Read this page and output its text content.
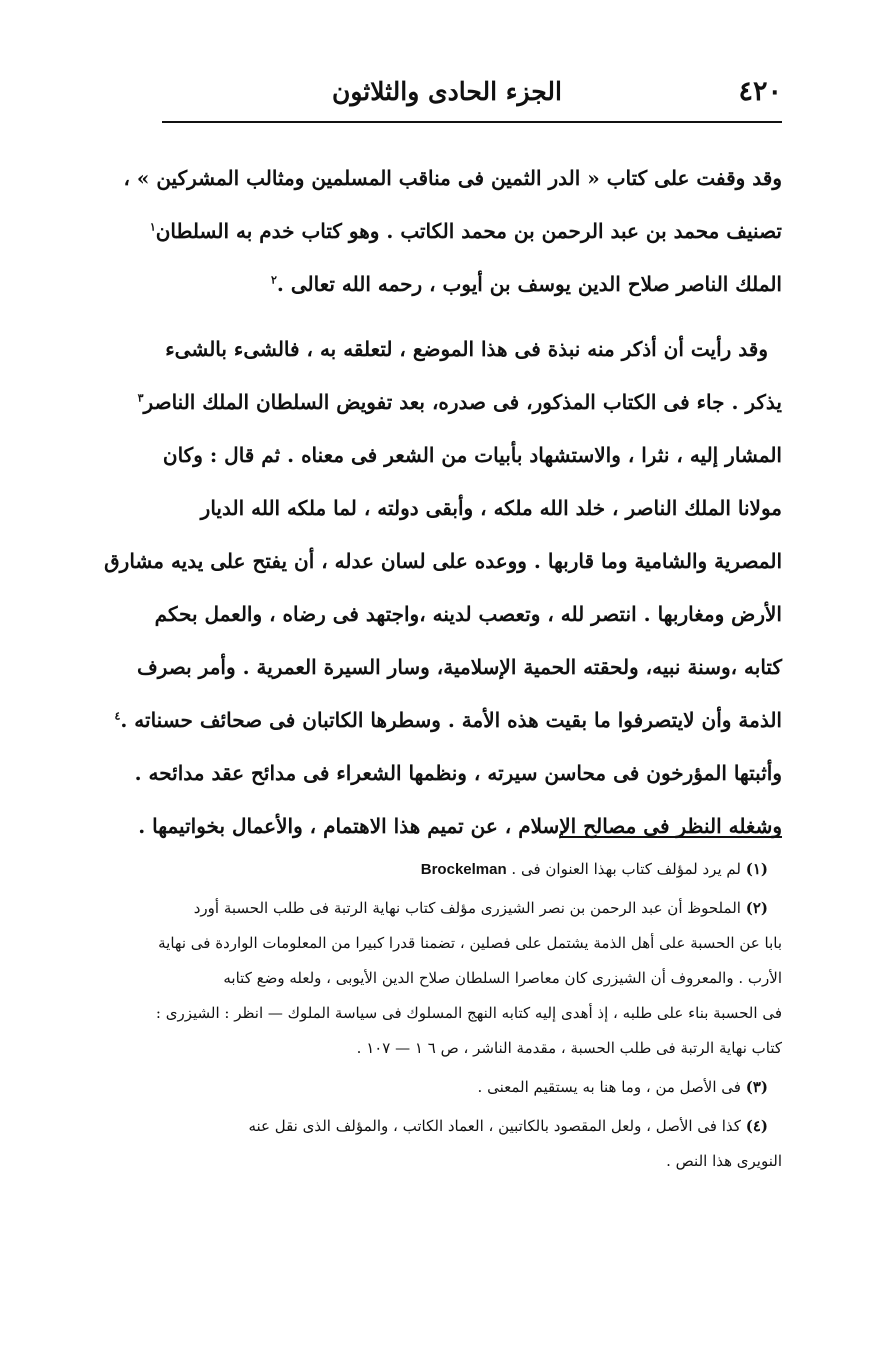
٤٢٠
الجزء الحادى والثلاثون
وقد وقفت على كتاب « الدر الثمين فى مناقب المسلمين ومثالب المشركين » ،
تصنيف محمد بن عبد الرحمن بن محمد الكاتب . وهو كتاب خدم به السلطان$^١$
الملك الناصر صلاح الدين يوسف بن أيوب ، رحمه الله تعالى .$^٢$
وقد رأيت أن أذكر منه نبذة فى هذا الموضع ، لتعلقه به ، فالشىء بالشىء
يذكر . جاء فى الكتاب المذكور، فى صدره، بعد تفويض السلطان الملك الناصر$^٣$
المشار إليه ، نثرا ، والاستشهاد بأبيات من الشعر فى معناه . ثم قال : وكان
مولانا الملك الناصر ، خلد الله ملكه ، وأبقى دولته ، لما ملكه الله الديار
المصرية والشامية وما قاربها . ووعده على لسان عدله ، أن يفتح على يديه مشارق
الأرض ومغاربها . انتصر لله ، وتعصب لدينه ،واجتهد فى رضاه ، والعمل بحكم
كتابه ،وسنة نبيه، ولحقته الحمية الإسلامية، وسار السيرة العمرية . وأمر بصرف
الذمة وأن لايتصرفوا ما بقيت هذه الأمة . وسطرها الكاتبان فى صحائف حسناته .$^٤$
وأثبتها المؤرخون فى محاسن سيرته ، ونظمها الشعراء فى مدائح عقد مدائحه .
وشغله النظر فى مصالح الإسلام ، عن تميم هذا الاهتمام ، والأعمال بخواتيمها .
(١) لم يرد لمؤلف كتاب بهذا العنوان فى . Brockelman
(٢) الملحوظ أن عبد الرحمن بن نصر الشيزرى مؤلف كتاب نهاية الرتبة فى طلب الحسبة أورد
بابا عن الحسبة على أهل الذمة يشتمل على فصلين ، تضمنا قدرا كبيرا من المعلومات الواردة فى نهاية
الأرب . والمعروف أن الشيزرى كان معاصرا السلطان صلاح الدين الأيوبى ، ولعله وضع كتابه
فى الحسبة بناء على طلبه ، إذ أهدى إليه كتابه النهج المسلوك فى سياسة الملوك — انظر : الشيزرى :
كتاب نهاية الرتبة فى طلب الحسبة ، مقدمة الناشر ، ص ٦ ١ — ١٠٧ .
(٣) فى الأصل من ، وما هنا به يستقيم المعنى .
(٤) كذا فى الأصل ، ولعل المقصود بالكاتبين ، العماد الكاتب ، والمؤلف الذى نقل عنه
النويرى هذا النص .
